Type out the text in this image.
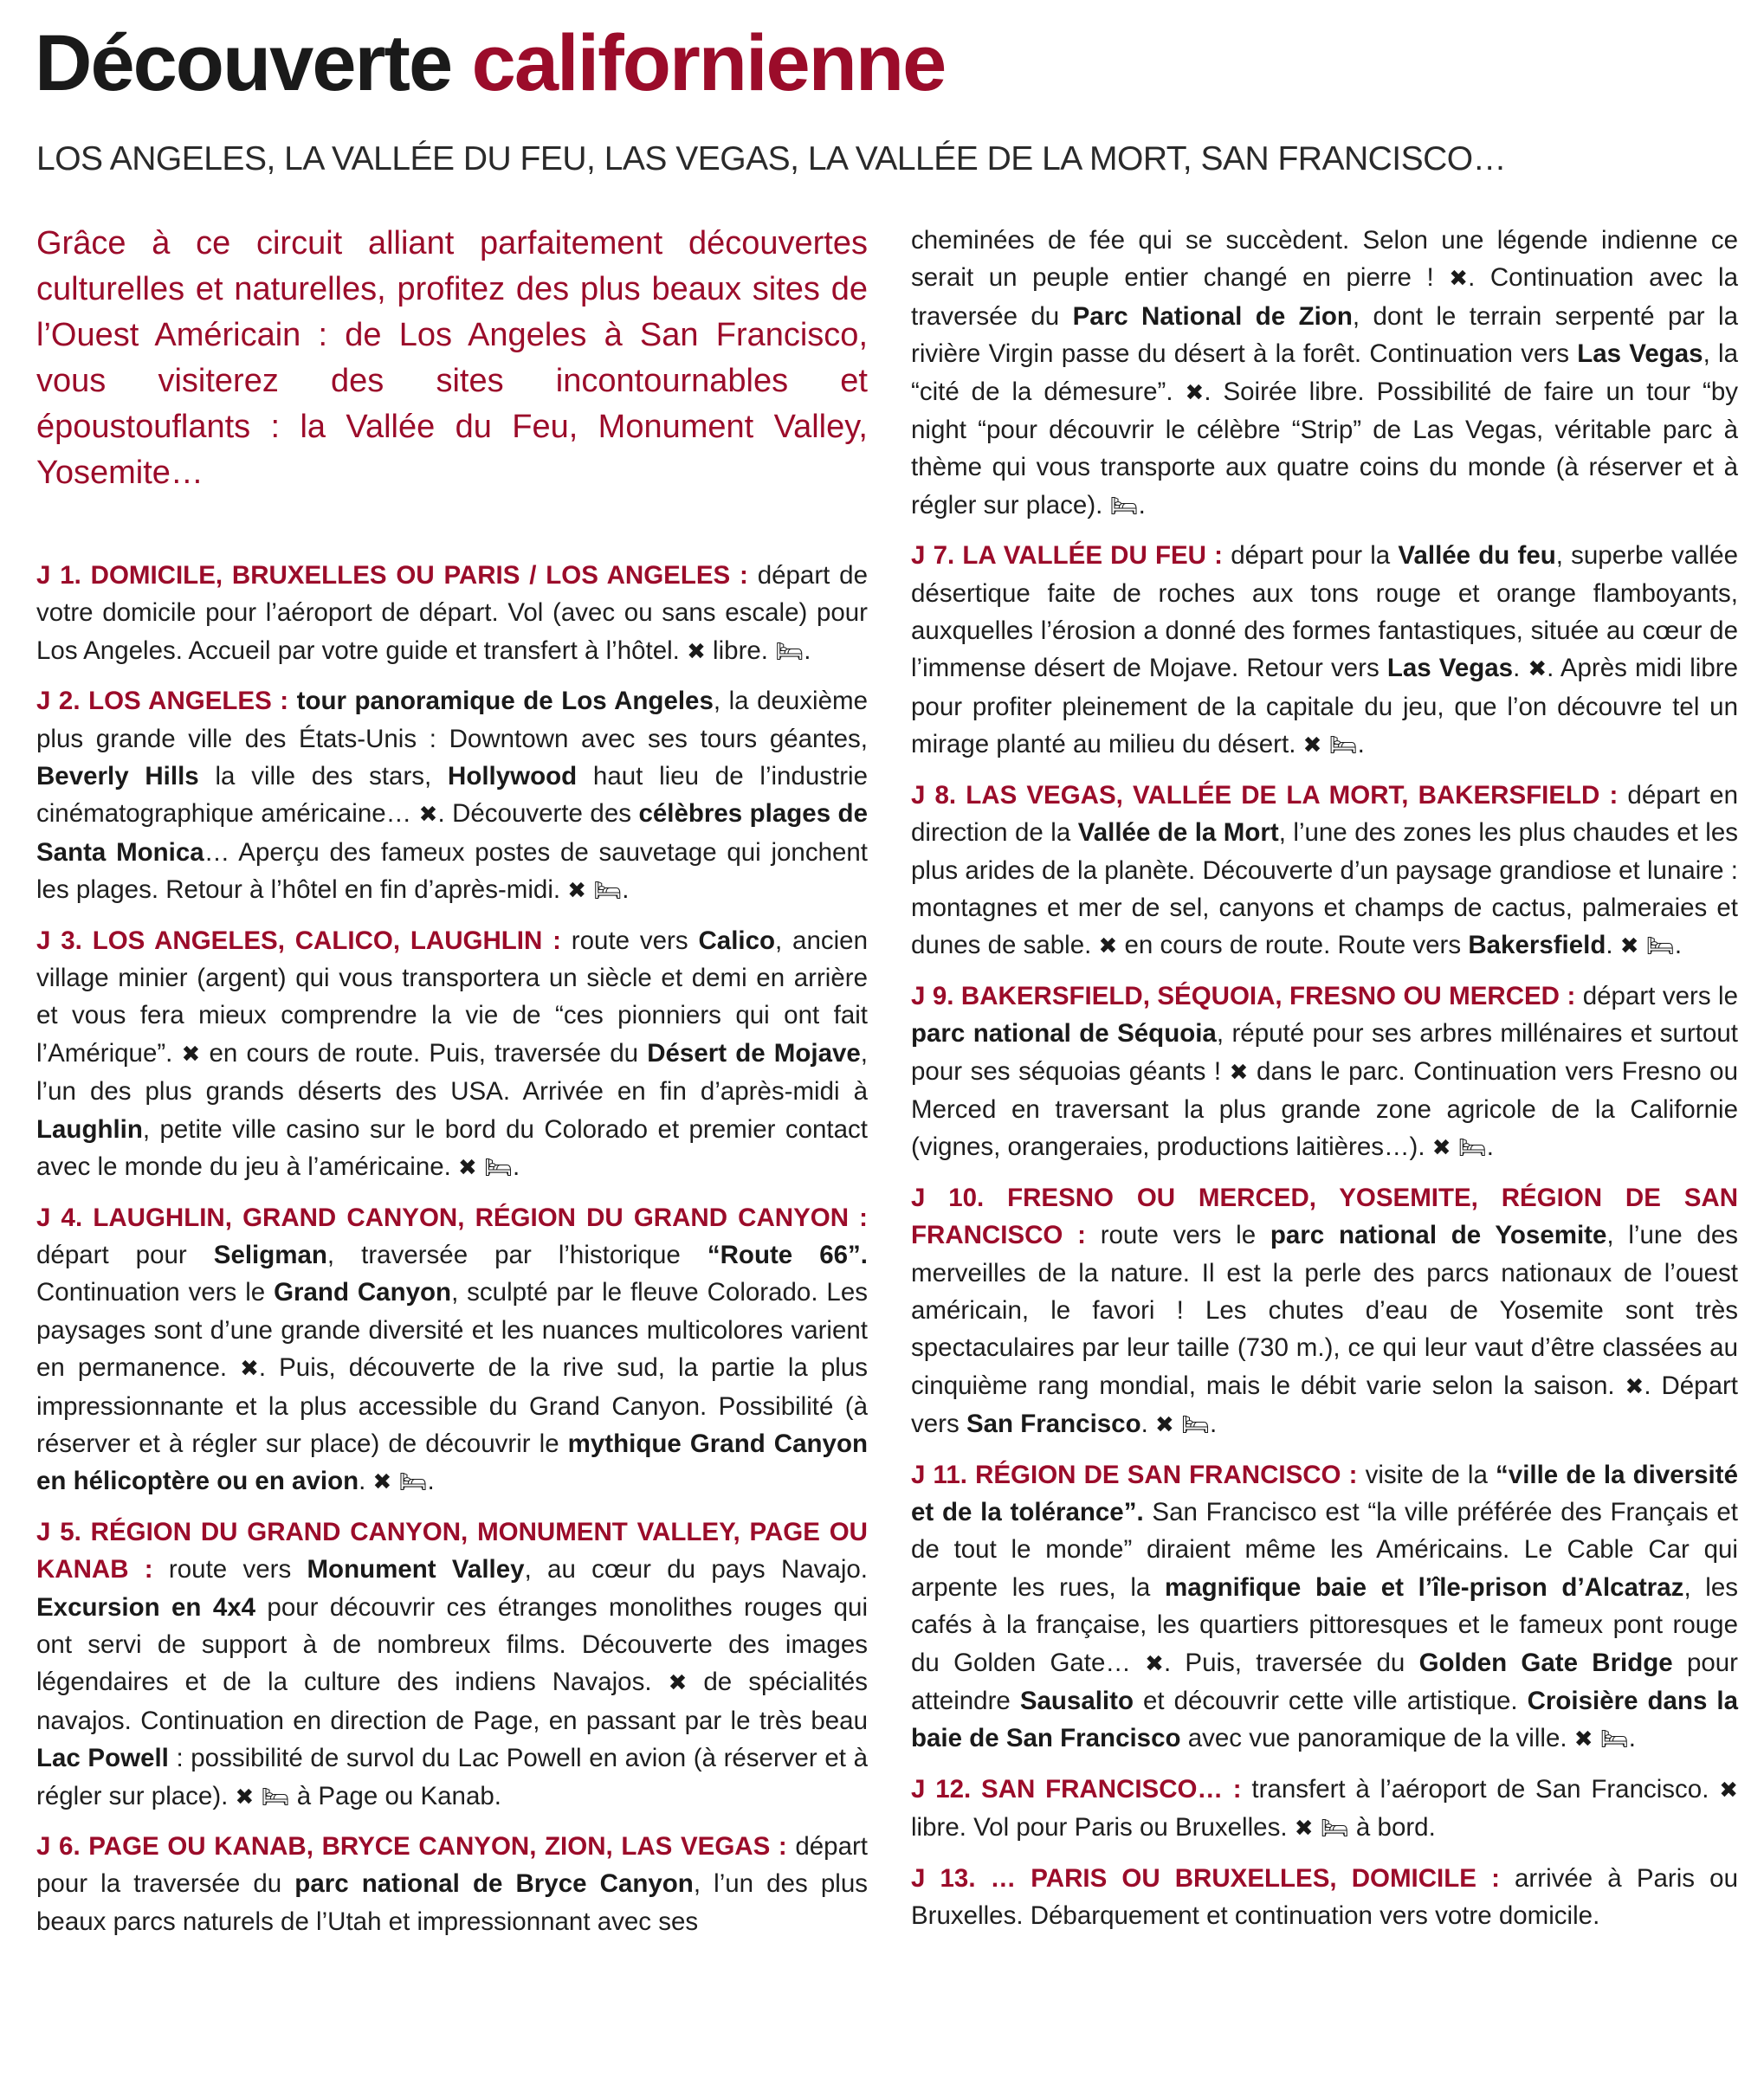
Découverte californienne

LOS ANGELES, LA VALLÉE DU FEU, LAS VEGAS, LA VALLÉE DE LA MORT, SAN FRANCISCO…

Grâce à ce circuit alliant parfaitement découvertes culturelles et naturelles, profitez des plus beaux sites de l’Ouest Américain : de Los Angeles à San Francisco, vous visiterez des sites incontournables et époustouflants : la Vallée du Feu, Monument Valley, Yosemite…

J 1. DOMICILE, BRUXELLES OU PARIS / LOS ANGELES : départ de votre domicile pour l’aéroport de départ. Vol (avec ou sans escale) pour Los Angeles. Accueil par votre guide et transfert à l’hôtel. ✖ libre. 🛏.

J 2. LOS ANGELES : tour panoramique de Los Angeles, la deuxième plus grande ville des États-Unis : Downtown avec ses tours géantes, Beverly Hills la ville des stars, Hollywood haut lieu de l’industrie cinématographique américaine… ✖. Découverte des célèbres plages de Santa Monica… Aperçu des fameux postes de sauvetage qui jonchent les plages. Retour à l’hôtel en fin d’après-midi. ✖ 🛏.

J 3. LOS ANGELES, CALICO, LAUGHLIN : route vers Calico, ancien village minier (argent) qui vous transportera un siècle et demi en arrière et vous fera mieux comprendre la vie de “ces pionniers qui ont fait l’Amérique”. ✖ en cours de route. Puis, traversée du Désert de Mojave, l’un des plus grands déserts des USA. Arrivée en fin d’après-midi à Laughlin, petite ville casino sur le bord du Colorado et premier contact avec le monde du jeu à l’américaine. ✖ 🛏.

J 4. LAUGHLIN, GRAND CANYON, RÉGION DU GRAND CANYON : départ pour Seligman, traversée par l’historique “Route 66”. Continuation vers le Grand Canyon, sculpté par le fleuve Colorado. Les paysages sont d’une grande diversité et les nuances multicolores varient en permanence. ✖. Puis, découverte de la rive sud, la partie la plus impressionnante et la plus accessible du Grand Canyon. Possibilité (à réserver et à régler sur place) de découvrir le mythique Grand Canyon en hélicoptère ou en avion. ✖ 🛏.

J 5. RÉGION DU GRAND CANYON, MONUMENT VALLEY, PAGE OU KANAB : route vers Monument Valley, au cœur du pays Navajo. Excursion en 4x4 pour découvrir ces étranges monolithes rouges qui ont servi de support à de nombreux films. Découverte des images légendaires et de la culture des indiens Navajos. ✖ de spécialités navajos. Continuation en direction de Page, en passant par le très beau Lac Powell : possibilité de survol du Lac Powell en avion (à réserver et à régler sur place). ✖ 🛏 à Page ou Kanab.

J 6. PAGE OU KANAB, BRYCE CANYON, ZION, LAS VEGAS : départ pour la traversée du parc national de Bryce Canyon, l’un des plus beaux parcs naturels de l’Utah et impressionnant avec ses

cheminées de fée qui se succèdent. Selon une légende indienne ce serait un peuple entier changé en pierre ! ✖. Continuation avec la traversée du Parc National de Zion, dont le terrain serpenté par la rivière Virgin passe du désert à la forêt. Continuation vers Las Vegas, la “cité de la démesure”. ✖. Soirée libre. Possibilité de faire un tour “by night “pour découvrir le célèbre “Strip” de Las Vegas, véritable parc à thème qui vous transporte aux quatre coins du monde (à réserver et à régler sur place). 🛏.

J 7. LA VALLÉE DU FEU : départ pour la Vallée du feu, superbe vallée désertique faite de roches aux tons rouge et orange flamboyants, auxquelles l’érosion a donné des formes fantastiques, située au cœur de l’immense désert de Mojave. Retour vers Las Vegas. ✖. Après midi libre pour profiter pleinement de la capitale du jeu, que l’on découvre tel un mirage planté au milieu du désert. ✖ 🛏.

J 8. LAS VEGAS, VALLÉE DE LA MORT, BAKERSFIELD : départ en direction de la Vallée de la Mort, l’une des zones les plus chaudes et les plus arides de la planète. Découverte d’un paysage grandiose et lunaire : montagnes et mer de sel, canyons et champs de cactus, palmeraies et dunes de sable. ✖ en cours de route. Route vers Bakersfield. ✖ 🛏.

J 9. BAKERSFIELD, SÉQUOIA, FRESNO OU MERCED : départ vers le parc national de Séquoia, réputé pour ses arbres millénaires et surtout pour ses séquoias géants ! ✖ dans le parc. Continuation vers Fresno ou Merced en traversant la plus grande zone agricole de la Californie (vignes, orangeraies, productions laitières…). ✖ 🛏.

J 10. FRESNO OU MERCED, YOSEMITE, RÉGION DE SAN FRANCISCO : route vers le parc national de Yosemite, l’une des merveilles de la nature. Il est la perle des parcs nationaux de l’ouest américain, le favori ! Les chutes d’eau de Yosemite sont très spectaculaires par leur taille (730 m.), ce qui leur vaut d’être classées au cinquième rang mondial, mais le débit varie selon la saison. ✖. Départ vers San Francisco. ✖ 🛏.

J 11. RÉGION DE SAN FRANCISCO : visite de la “ville de la diversité et de la tolérance”. San Francisco est “la ville préférée des Français et de tout le monde” diraient même les Américains. Le Cable Car qui arpente les rues, la magnifique baie et l’île-prison d’Alcatraz, les cafés à la française, les quartiers pittoresques et le fameux pont rouge du Golden Gate… ✖. Puis, traversée du Golden Gate Bridge pour atteindre Sausalito et découvrir cette ville artistique. Croisière dans la baie de San Francisco avec vue panoramique de la ville. ✖ 🛏.

J 12. SAN FRANCISCO… : transfert à l’aéroport de San Francisco. ✖ libre. Vol pour Paris ou Bruxelles. ✖ 🛏 à bord.

J 13. … PARIS OU BRUXELLES, DOMICILE : arrivée à Paris ou Bruxelles. Débarquement et continuation vers votre domicile.
